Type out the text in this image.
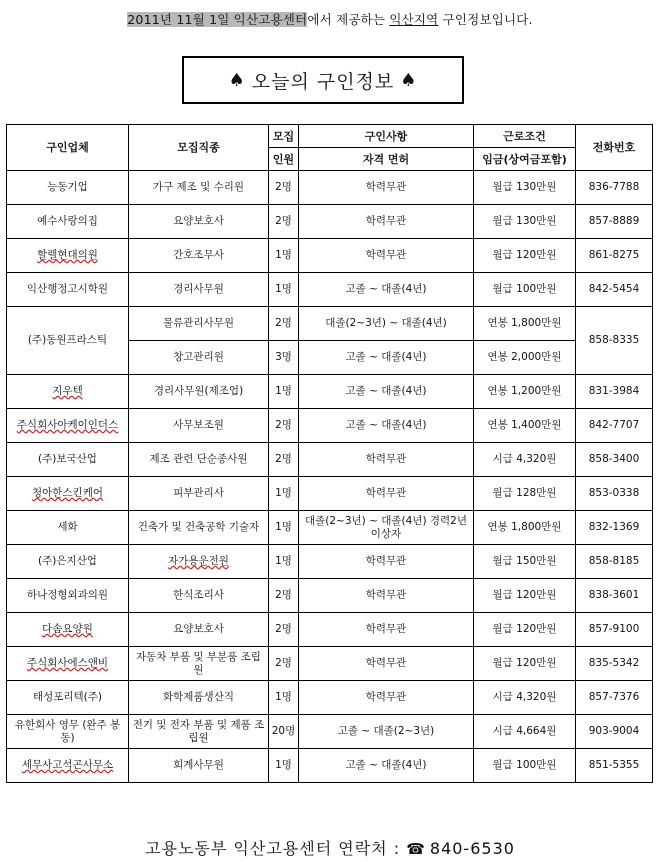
2011년 11월 1일 익산고용센터에서 제공하는 익산지역 구인정보입니다.
♠ 오늘의 구인정보 ♠
구인업체	모집직종	모집	구인사항	근로조건	전화번호
		인원	자격 면허	임금(상여금포함)	
능동기업	가구 제조 및 수리원	2명	학력무관	월급 130만원	836-7788
예수사랑의집	요양보호사	2명	학력무관	월급 130만원	857-8889
할렐현대의원	간호조무사	1명	학력무관	월급 120만원	861-8275
익산행정고시학원	경리사무원	1명	고졸 ~ 대졸(4년)	월급 100만원	842-5454
(주)동원프라스틱	물류관리사무원	2명	대졸(2~3년) ~ 대졸(4년)	연봉 1,800만원	858-8335
	창고관리원	3명	고졸 ~ 대졸(4년)	연봉 2,000만원	
지우텍	경리사무원(제조업)	1명	고졸 ~ 대졸(4년)	연봉 1,200만원	831-3984
주식회사아케이인더스	사무보조원	2명	고졸 ~ 대졸(4년)	연봉 1,400만원	842-7707
(주)보국산업	제조 관련 단순종사원	2명	학력무관	시급 4,320원	858-3400
청아한스킨케어	피부관리사	1명	학력무관	월급 128만원	853-0338
세화	건축가 및 건축공학 기술자	1명	대졸(2~3년) ~ 대졸(4년) 경력2년 이상자	연봉 1,800만원	832-1369
(주)은지산업	자가용운전원	1명	학력무관	월급 150만원	858-8185
하나정형외과의원	한식조리사	2명	학력무관	월급 120만원	838-3601
다솜요양원	요양보호사	2명	학력무관	월급 120만원	857-9100
주식회사에스앤비	자동차 부품 및 부분품 조립원	2명	학력무관	월급 120만원	835-5342
태성포리텍(주)	화학제품생산직	1명	학력무관	시급 4,320원	857-7376
유한회사 영무 (완주 봉동)	전기 및 전자 부품 및 제품 조립원	20명	고졸 ~ 대졸(2~3년)	시급 4,664원	903-9004
세무사고석곤사무소	회계사무원	1명	고졸 ~ 대졸(4년)	월급 100만원	851-5355
고용노동부 익산고용센터 연락처 : ☎ 840-6530
